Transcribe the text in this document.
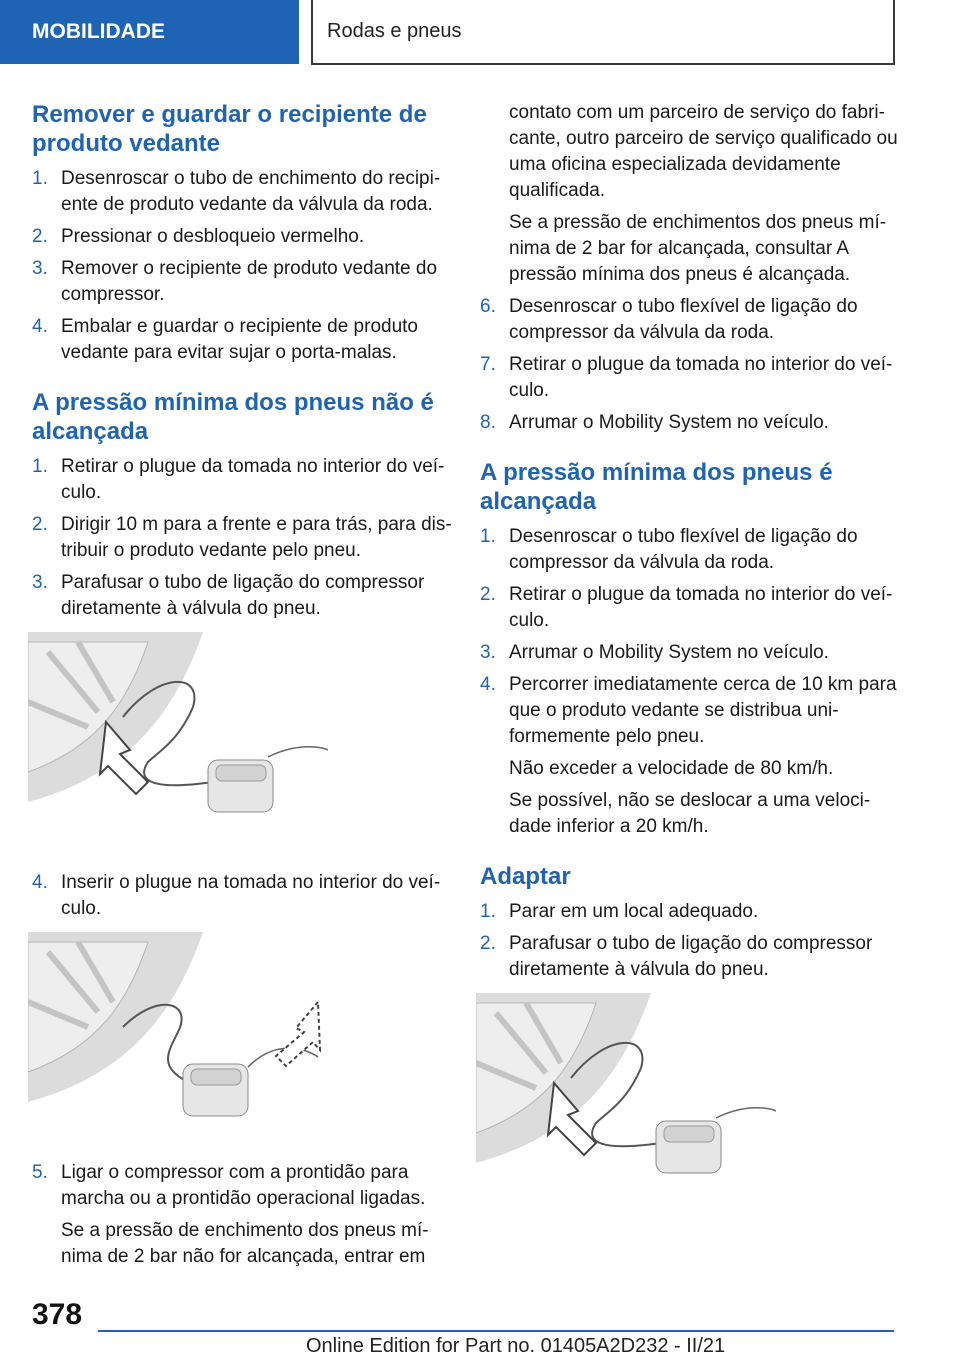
MOBILIDADE	Rodas e pneus
Remover e guardar o recipiente de produto vedante
1. Desenroscar o tubo de enchimento do recipi‐ente de produto vedante da válvula da roda.

2. Pressionar o desbloqueio vermelho.

3. Remover o recipiente de produto vedante do compressor.

4. Embalar e guardar o recipiente de produto vedante para evitar sujar o porta-malas.

A pressão mínima dos pneus não é alcançada
1. Retirar o plugue da tomada no interior do veí‐culo.

2. Dirigir 10 m para a frente e para trás, para dis‐tribuir o produto vedante pelo pneu.

3. Parafusar o tubo de ligação do compressor diretamente à válvula do pneu.

4. Inserir o plugue na tomada no interior do veí‐culo.

5. Ligar o compressor com a prontidão para marcha ou a prontidão operacional ligadas.

Se a pressão de enchimento dos pneus mí‐nima de 2 bar não for alcançada, entrar em

contato com um parceiro de serviço do fabri‐cante, outro parceiro de serviço qualificado ou uma oficina especializada devidamente qualificada.

Se a pressão de enchimentos dos pneus mí‐nima de 2 bar for alcançada, consultar A pressão mínima dos pneus é alcançada.

6. Desenroscar o tubo flexível de ligação do compressor da válvula da roda.

7. Retirar o plugue da tomada no interior do veí‐culo.

8. Arrumar o Mobility System no veículo.

A pressão mínima dos pneus é alcançada
1. Desenroscar o tubo flexível de ligação do compressor da válvula da roda.

2. Retirar o plugue da tomada no interior do veí‐culo.

3. Arrumar o Mobility System no veículo.

4. Percorrer imediatamente cerca de 10 km para que o produto vedante se distribua uni‐formemente pelo pneu.

Não exceder a velocidade de 80 km/h.

Se possível, não se deslocar a uma veloci‐dade inferior a 20 km/h.

Adaptar
1. Parar em um local adequado.

2. Parafusar o tubo de ligação do compressor diretamente à válvula do pneu.

378
Online Edition for Part no. 01405A2D232 - II/21
